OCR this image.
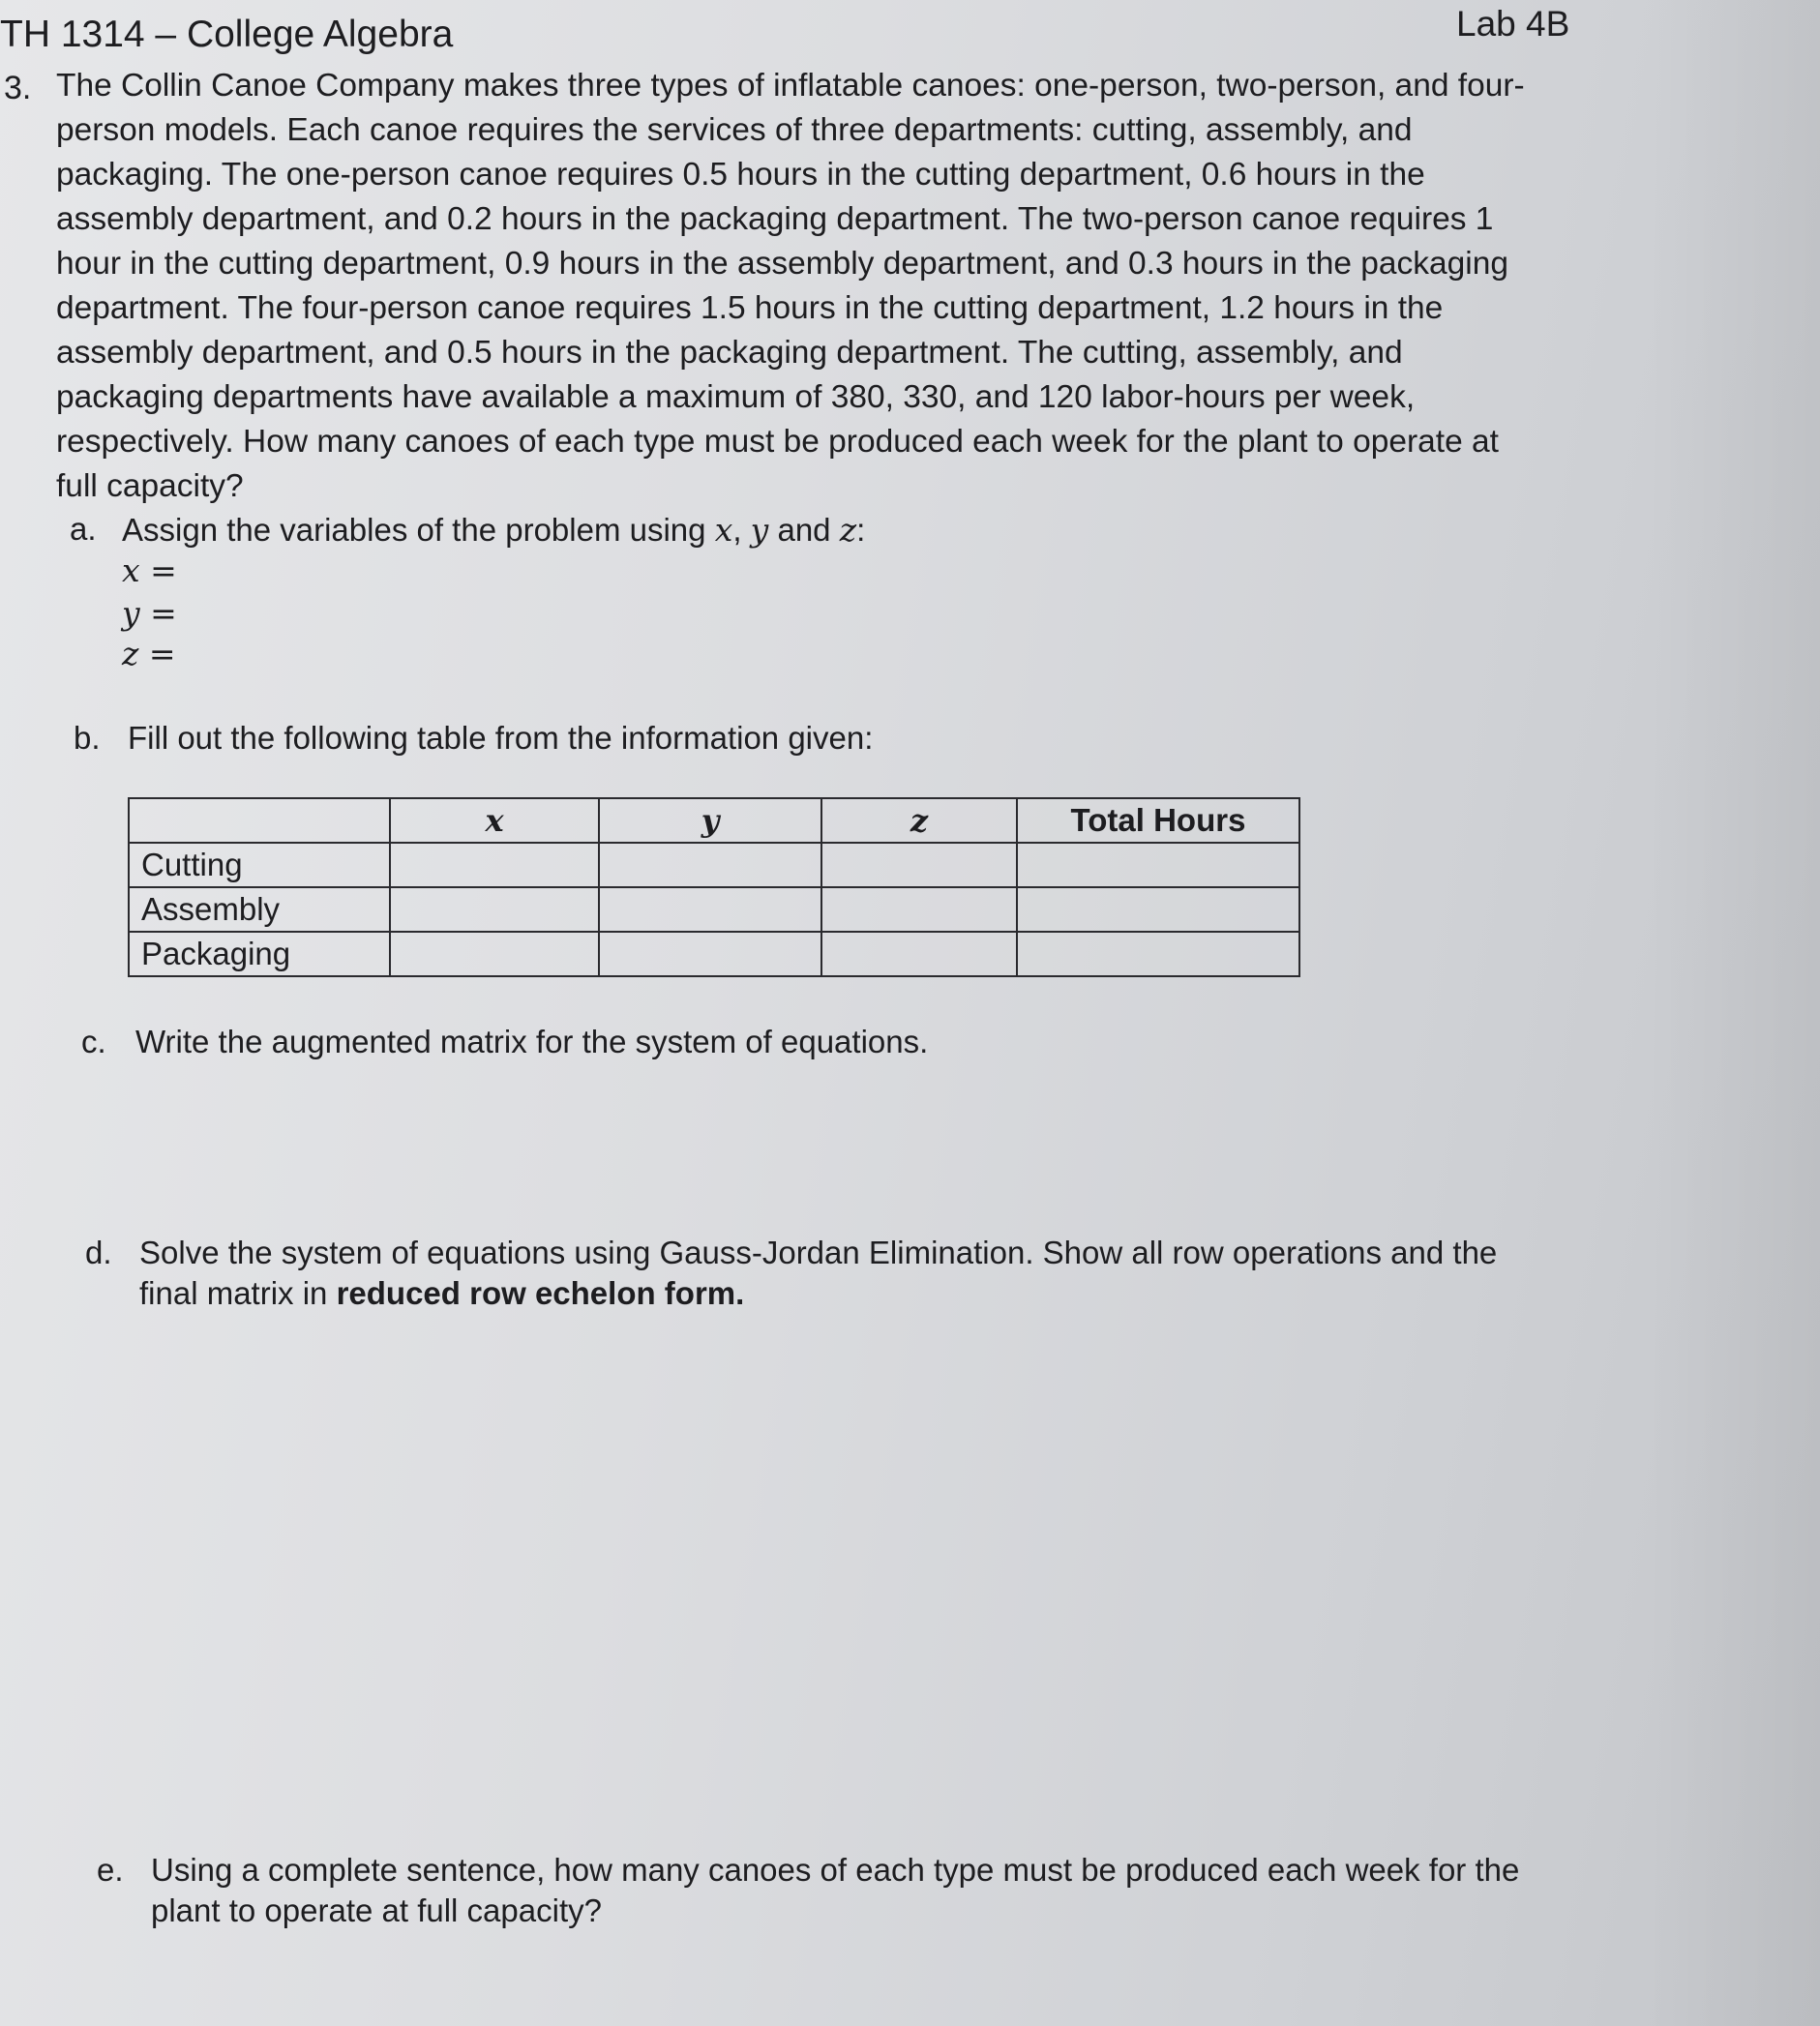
TH 1314 – College Algebra	Lab 4B
3. The Collin Canoe Company makes three types of inflatable canoes: one-person, two-person, and four-
person models. Each canoe requires the services of three departments: cutting, assembly, and
packaging. The one-person canoe requires 0.5 hours in the cutting department, 0.6 hours in the
assembly department, and 0.2 hours in the packaging department. The two-person canoe requires 1
hour in the cutting department, 0.9 hours in the assembly department, and 0.3 hours in the packaging
department. The four-person canoe requires 1.5 hours in the cutting department, 1.2 hours in the
assembly department, and 0.5 hours in the packaging department. The cutting, assembly, and
packaging departments have available a maximum of 380, 330, and 120 labor-hours per week,
respectively. How many canoes of each type must be produced each week for the plant to operate at
full capacity?
a. Assign the variables of the problem using x, y and z:
x =
y =
z =
b. Fill out the following table from the information given:
	x	y	z	Total Hours
Cutting				
Assembly				
Packaging				
c. Write the augmented matrix for the system of equations.
d. Solve the system of equations using Gauss-Jordan Elimination. Show all row operations and the
final matrix in reduced row echelon form.
e. Using a complete sentence, how many canoes of each type must be produced each week for the
plant to operate at full capacity?
